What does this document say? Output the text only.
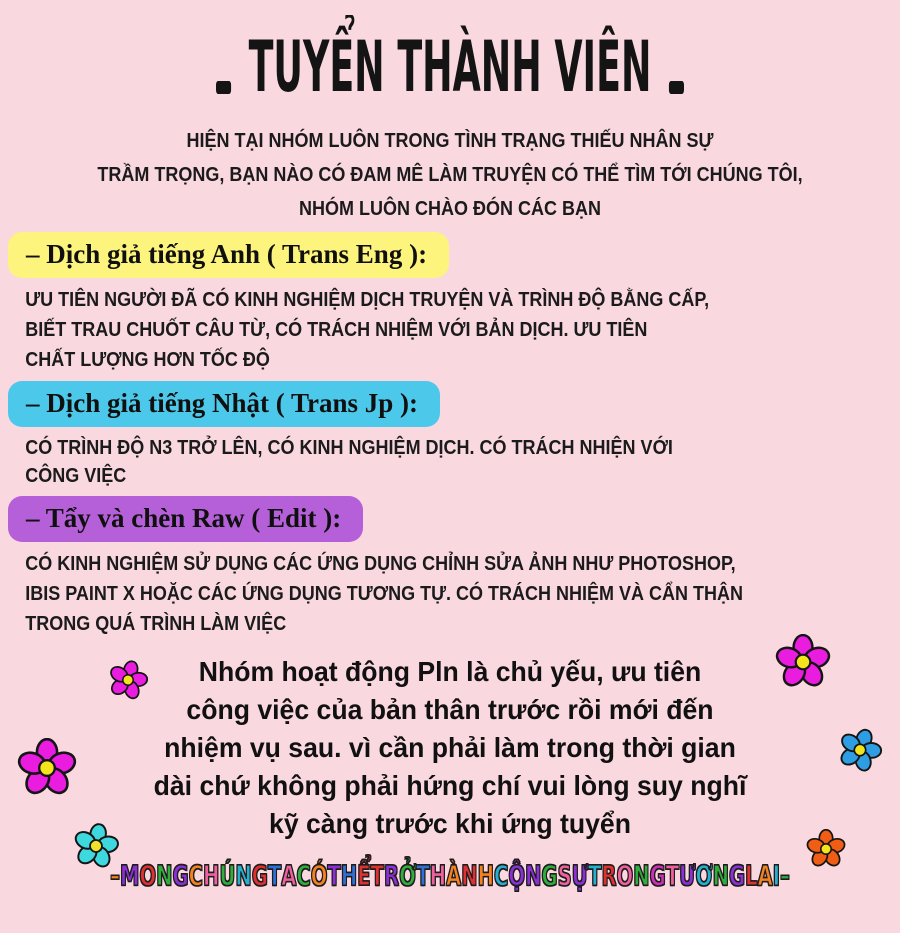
TUYỂN THÀNH VIÊN
HIỆN TẠI NHÓM LUÔN TRONG TÌNH TRẠNG THIẾU NHÂN SỰ
TRẦM TRỌNG, BẠN NÀO CÓ ĐAM MÊ LÀM TRUYỆN CÓ THỂ TÌM TỚI CHÚNG TÔI,
NHÓM LUÔN CHÀO ĐÓN CÁC BẠN
– Dịch giả tiếng Anh ( Trans Eng ):
ƯU TIÊN NGƯỜI ĐÃ CÓ KINH NGHIỆM DỊCH TRUYỆN VÀ TRÌNH ĐỘ BẰNG CẤP,
BIẾT TRAU CHUỐT CÂU TỪ, CÓ TRÁCH NHIỆM VỚI BẢN DỊCH. ƯU TIÊN
CHẤT LƯỢNG HƠN TỐC ĐỘ
– Dịch giả tiếng Nhật ( Trans Jp ):
CÓ TRÌNH ĐỘ N3 TRỞ LÊN, CÓ KINH NGHIỆM DỊCH. CÓ TRÁCH NHIỆN VỚI
CÔNG VIỆC
– Tẩy và chèn Raw ( Edit ):
CÓ KINH NGHIỆM SỬ DỤNG CÁC ỨNG DỤNG CHỈNH SỬA ẢNH NHƯ PHOTOSHOP,
IBIS PAINT X HOẶC CÁC ỨNG DỤNG TƯƠNG TỰ. CÓ TRÁCH NHIỆM VÀ CẨN THẬN
TRONG QUÁ TRÌNH LÀM VIỆC
Nhóm hoạt động Pln là chủ yếu, ưu tiên
công việc của bản thân trước rồi mới đến
nhiệm vụ sau. vì cần phải làm trong thời gian
dài chứ không phải hứng chí vui lòng suy nghĩ
kỹ càng trước khi ứng tuyển
– M O N G C H Ú N G T A C Ó T H Ể T R Ở T H À N H C Ộ N G S Ự T R O N G T Ư Ơ N G L A I –
